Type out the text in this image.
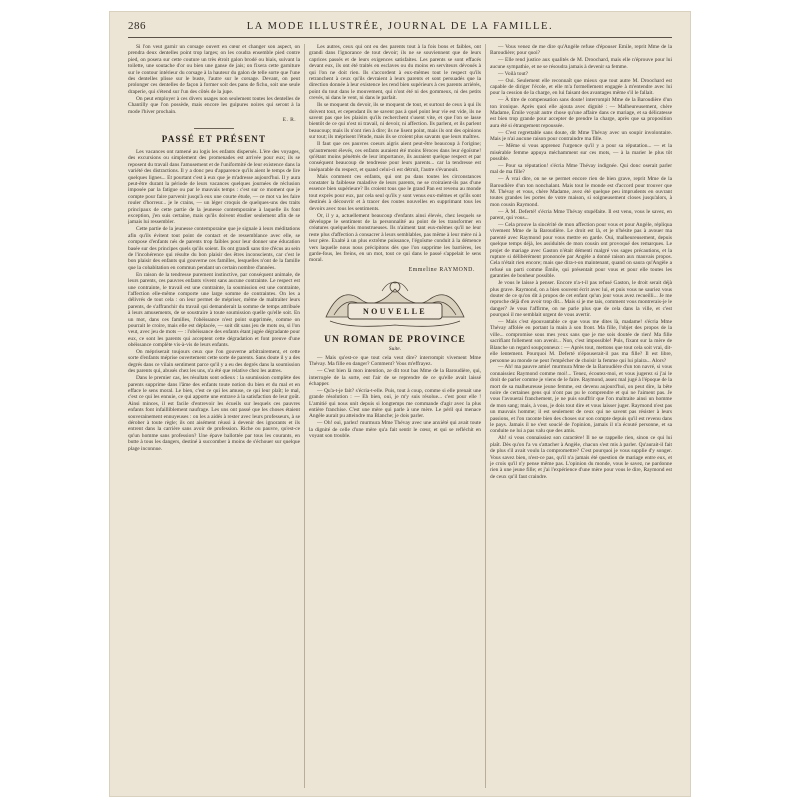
286	LA MODE ILLUSTRÉE, JOURNAL DE LA FAMILLE.

Si l'on veut garnir un corsage ouvert en cœur et changer son aspect, on prendra deux dentelles point trop larges; on les coudra ensemble pied contre pied, on posera sur cette couture un très étroit galon brodé ou biais, suivant la toilette, une soutache d'or ou bien une ganse de jais; on fixera cette garniture sur le contour intérieur du corsage à la hauteur du galon de telle sorte que l'une des dentelles plisse sur le buste, l'autre sur le corsage. Devant, on peut prolonger ces dentelles de façon à former soit des pans de fichu, soit une seule draperie, qui s'étend sur l'un des côtés de la jupe.

On peut employer à ces divers usages non seulement toutes les dentelles de Chantilly que l'on possède, mais encore les guipures noires qui seront à la mode l'hiver prochain.

E. R.
PASSÉ ET PRÉSENT

Les vacances ont ramené au logis les enfants dispersés. L'ère des voyages, des excursions ou simplement des promenades est arrivée pour eux; ils se reposent du travail dans l'amusement et de l'uniformité de leur existence dans la variété des distractions. Il y a donc peu d'apparence qu'ils aient le temps de lire quelques lignes... Et pourtant c'est à eux que je m'adresse aujourd'hui. Il y aura peut-être durant la période de leurs vacances quelques journées de réclusion imposée par la fatigue ou par le mauvais temps : c'est sur ce moment que je compte pour faire parvenir jusqu'à eux une courte étude, — ce mot va les faire rouler d'horreur... je le crains, — un léger croquis de quelques-uns des traits principaux de cette partie de la jeunesse contemporaine à laquelle ils font exception, j'en suis certaine, mais qu'ils doivent étudier seulement afin de se jamais lui ressembler.

Cette partie de la jeunesse contemporaine que je signale à leurs méditations afin qu'ils évitent tout point de contact et de ressemblance avec elle, se compose d'enfants nés de parents trop faibles pour leur donner une éducation basée sur des principes quels qu'ils soient. Ils ont grandi sans tire d'écus au sein de l'incohérence qui résulte du bon plaisir des êtres inconscients, car c'est le bon plaisir des enfants qui gouverne ces familles, lesquelles n'ont de la famille que la cohabitation en commun pendant un certain nombre d'années.

En raison de la tendresse purement instinctive, par conséquent animale, de leurs parents, ces pauvres enfants vivent sans aucune contrainte. Le respect est une contrainte, le travail est une contrainte, la soumission est une contrainte, l'affection elle-même comporte une large somme de contraintes. On les a délivrés de tout cela : on leur permet de mépriser, même de maltraiter leurs parents, de s'affranchir du travail qui demanderait la somme de temps attribuée à leurs amusements, de se soustraire à toute soumission quelle qu'elle soit. En un mot, dans ces familles, l'obéissance n'est point supprimée, comme on pourrait le croire, mais elle est déplacée, — soit dit sans jeu de mots ou, si l'on veut, avec jeu de mots — : l'obéissance des enfants étant jugée dégradante pour eux, ce sont les parents qui acceptent cette dégradation et font preuve d'une obéissance complète vis-à-vis de leurs enfants.

On mépriserait toujours ceux que l'on gouverne arbitrairement, et cette sorte d'enfants méprise ouvertement cette sorte de parents. Sans doute il y a des degrés dans ce vilain sentiment parce qu'il y a eu des degrés dans la soumission des parents qui, abusés chez les uns, n'a été que relative chez les autres.

Dans le premier cas, les résultats sont odieux : la soumission complète des parents supprime dans l'âme des enfants toute notion du bien et du mal et en efface le sens moral. Le bien, c'est ce qui les amuse, ce qui leur plaît; le mal, c'est ce qui les ennuie, ce qui apporte une entrave à la satisfaction de leur goût. Ainsi minces, il est facile d'entrevoir les écueils sur lesquels ces pauvres enfants font infailliblement naufrage. Les uns ont passé que les choses étaient souverainement ennuyeuses : on les a aidés à rester avec leurs professeurs, à se dérober à toute règle; ils ont aisément réussi à devenir des ignorants et ils entrent dans la carrière sans avoir de profession. Riche ou pauvre, qu'est-ce qu'un homme sans profession? Une épave ballottée par tous les courants, en butte à tous les dangers, destiné à succomber à moins de s'échouer sur quelque plage inconnue.

Les autres, ceux qui ont eu des parents tout à la fois bons et faibles, ont grandi dans l'ignorance de tout devoir; ils ne se souviennent que de leurs caprices passés et de leurs exigences satisfaites. Les parents se sont effacés devant eux, ils ont été traités en esclaves ou du moins en serviteurs dévoués à qui l'on ne doit rien. Ils s'accordent à eux-mêmes tout le respect qu'ils retranchent à ceux qu'ils devraient à leurs parents et sont persuadés que la direction donnée à leur existence les rend bien supérieurs à ces parents arriérés, point du tout dans le mouvement, qui n'ont été ni des gommeux, ni des petits crevés, ni dans le vent, ni dans le parfait.

Ils se moquent du devoir, ils se moquent de tout, et surtout de ceux à qui ils doivent tout, et cependant ils ne savent pas à quel point leur vie est vide, ils ne savent pas que les plaisirs qu'ils recherchent s'usent vite, et que l'on se lasse bientôt de ce qui n'est ni travail, ni devoir, ni affection. Ils parlent, et ils parlent beaucoup; mais ils n'ont rien à dire; ils ne lisent point, mais ils ont des opinions sur tout; ils méprisent l'étude, mais ils se croient plus savants que leurs maîtres.

Il faut que ces pauvres coeurs aigris aient peut-être beaucoup à l'origine; qu'autrement élevés, ces enfants auraient été moins féroces dans leur égoïsme! qu'étant moins pénétrés de leur importance, ils auraient quelque respect et par conséquent beaucoup de tendresse pour leurs parents... car la tendresse est inséparable du respect, et quand celui-ci est détruit, l'autre s'évanouit.

Mais comment ces enfants, qui ont pu dans toutes les circonstances constater la faiblesse maladive de leurs parents, ne se croiraient-ils pas d'une essence bien supérieure? Ils croient tous que le grand Pan est revenu au monde tout exprès pour eux, par cela seul qu'ils y sont venus eux-mêmes et qu'ils sont destinés à découvrir et à tracer des routes nouvelles en supprimant tous les devoirs avec tous les sentiments.

Or, il y a, actuellement beaucoup d'enfants ainsi élevés, chez lesquels se développe le sentiment de la personnalité au point de les transformer en créatures quelquefois monstrueuses. Ils n'aiment tant eux-mêmes qu'il ne leur reste plus d'affection à consacrer à leurs semblables, pas même à leur mère ni à leur père. Exalté à un plus extrême puissance, l'égoïsme conduit à la démence vers laquelle nous nous précipitons dès que l'on supprime les barrières, les garde-fous, les freins, en un mot, tout ce qui dans le passé s'appelait le sens moral.

Emmeline RAYMOND.
NOUVELLE
UN ROMAN DE PROVINCE
Suite.

— Mais qu'est-ce que tout cela veut dire? interrompit vivement Mme Thévay. Ma fille en danger? Comment? Vous m'effrayez.

— C'est bien là mon intention, ze dit tout bas Mme de la Baroudière, qui, interrogée de la sorte, eut l'air de se reprendre de ce qu'elle avait laissé échapper.

— Qu'a-t-je fait? s'écria-t-elle. Puis, tout à coup, comme si elle prenait une grande résolution : — Eh bien, oui, je m'y suis résolue... c'est pour elle ! L'amitié qui nous unit depuis si longtemps me commande d'agir avec la plus entière franchise. C'est une mère qui parle à une mère. Le péril qui menace Angèle aurait pu atteindre ma Blanche; je dois parler.

— Oh! oui, parlez! murmura Mme Thévay avec une anxiété qui avait toute la dignité de celle d'une mère qu'a fait sentir le cœur, et qui se refléchit en voyant son trouble.

— Vous venez de me dire qu'Angèle refuse d'épouser Émile, reprit Mme de la Baroudière; pour quoi?

— Elle rend justice aux qualités de M. Droochard, mais elle n'éprouve pour lui aucune sympathie, et ne se résoudra jamais à devenir sa femme.

— Voilà tout?

— Oui. Seulement elle reconnaît que mieux que tout autre M. Droochard est capable de diriger l'école, et elle m'a formellement engagée à m'entendre avec lui pour la cession de la charge, en lui faisant des avantages même s'il le fallait.

— À titre de compensation sans doute! interrompit Mme de la Baroudière d'un ton ironique. Après quoi elle ajouta avec dignité : — Malheureusement, chère Madame, Émile voyait autre chose qu'une affaire dans ce mariage, et sa délicatesse est bien trop grande pour accepter de prendre la charge, après que sa proposition aura été si étrangement repoussée.

— C'est regrettable sans doute, dit Mme Thévay avec un soupir involontaire. Mais je n'ai aucune raison pour contraindre ma fille.

— Même si vous apprenez l'urgence qu'il y a pour sa réputation... — et la misérable femme appuya méchamment sur ces mots, — à la marier le plus tôt possible.

— Pour sa réputation! s'écria Mme Thévay indignée. Qui donc oserait parler mal de ma fille?

— À vrai dire, on ne se permet encore rien de bien grave, reprit Mme de la Baroudière d'un ton nonchalant. Mais tout le monde est d'accord pour trouver que M. Thévay et vous, chère Madame, avez été quelque peu imprudents en ouvrant toutes grandes les portes de votre maison, si soigneusement closes jusqu'alors, à mon cousin Raymond.

— À M. Deferté! s'écria Mme Thévay stupéfaite. Il est venu, vous le savez, en parent, qui vous...

— Cela prouve la sincérité de mon affection pour vous et pour Angèle, répliqua vivement Mme de la Baroudière. Le droit est là, et je n'hésite pas à avouer ma parenté avec Raymond pour vous mettre en garde. Oui, malheureusement, depuis quelque temps déjà, les assiduités de mon cousin ont provoqué des remarques. Le projet de mariage avec Gaston n'était démenti malgré vos sages précautions, et la rupture si délibérément prononcée par Angèle a donné raison aux mauvais propos. Cela n'était rien encore; mais que dira-t-on maintenant, quand on saura qu'Angèle a refusé un parti comme Émile, qui présentait pour vous et pour elle toutes les garanties de bonheur possible.

Je vous le laisse à penser. Encore n'a-t-il pas refusé Gaston, le droit serait déjà plus grave. Raymond, on a bien souvent écrit avec lui, et puis vous ne sauriez vous douter de ce qu'on dit à propos de cet enfant qu'un jour vous avez recueilli... Je me reproche déjà d'en avoir trop dit... Mais si je me tais, comment vous montrerais-je le danger? Je vous l'affirme, on ne parle plus que de cela dans la ville, et c'est pourquoi il me semblait urgent de vous avertir.

— Mais c'est épouvantable ce que vous me dites là, madame! s'écria Mme Thévay affolée en portant la main à son front. Ma fille, l'objet des propos de la ville... compromise sous mes yeux sans que je me sois doutée de rien! Ma fille sacrifiant follement son avenir... Non, c'est impossible! Puis, fixant sur la mère de Blanche un regard soupçonneux : — Après tout, mettons que tout cela soit vrai, dit-elle lentement. Pourquoi M. Deferté n'épouserait-il pas ma fille? Il est libre, personne au monde ne peut l'empêcher de choisir la femme qui lui plaira... Alors?

— Ah! ma pauvre amie! murmura Mme de la Baroudière d'un ton navré, si vous connaissiez Raymond comme moi!... Tenez, écoutez-moi, et vous jugerez si j'ai le droit de parler comme je viens de le faire. Raymond, assez mal jugé à l'époque de la mort de sa malheureuse jeune femme, est devenu aujourd'hui, on peut dire, la bête noire de certaines gens qui n'ont pas pu le comprendre et qui ne l'aiment pas. Je vous l'avouerai franchement, je ne puis souffrir que l'on maltraite ainsi un homme de mon sang; mais, à vous, je dois tout dire et vous laisser juger. Raymond n'est pas un mauvais homme; il est seulement de ceux qui ne savent pas résister à leurs passions, et l'on raconte bien des choses sur son compte depuis qu'il est revenu dans le pays. Jamais il ne s'est soucié de l'opinion, jamais il n'a écouté personne, et sa conduite ne lui a pas valu que des amis.

Ah! si vous connaissiez son caractère! Il ne se rappelle rien, sinon ce qui lui plaît. Dès qu'on l'a vu s'attacher à Angèle, chacun s'est mis à parler. Qu'aurait-il fait de plus s'il avait voulu la compromettre? C'est pourquoi je vous supplie d'y songer. Vous savez bien, n'est-ce pas, qu'il n'a jamais été question de mariage entre eux, et je crois qu'il n'y pense même pas. L'opinion du monde, vous le savez, ne pardonne rien à une jeune fille; et j'ai l'expérience d'une mère pour vous le dire, Raymond est de ceux qu'il faut craindre.
